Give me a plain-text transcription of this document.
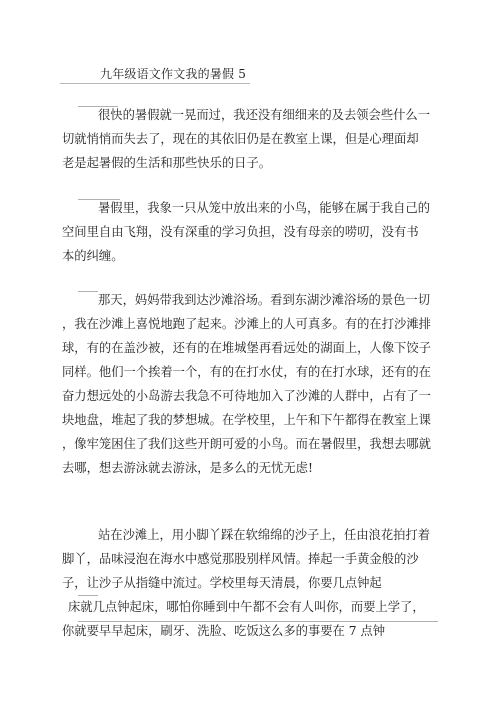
九年级语文作文我的暑假 5
很快的暑假就一晃而过，我还没有细细来的及去领会些什么一
切就悄悄而失去了，现在的其依旧仍是在教室上课，但是心理面却
老是起暑假的生活和那些快乐的日子。
暑假里，我象一只从笼中放出来的小鸟，能够在属于我自己的
空间里自由飞翔，没有深重的学习负担，没有母亲的唠叨，没有书
本的纠缠。
那天，妈妈带我到达沙滩浴场。看到东湖沙滩浴场的景色一切
，我在沙滩上喜悦地跑了起来。沙滩上的人可真多。有的在打沙滩排
球，有的在盖沙被，还有的在堆城堡再看远处的湖面上，人像下饺子
同样。他们一个挨着一个，有的在打水仗，有的在打水球，还有的在
奋力想远处的小岛游去我急不可待地加入了沙滩的人群中，占有了一
块地盘，堆起了我的梦想城。在学校里，上午和下午都得在教室上课
，像牢笼困住了我们这些开朗可爱的小鸟。而在暑假里，我想去哪就
去哪，想去游泳就去游泳，是多么的无忧无虑!
站在沙滩上，用小脚丫踩在软绵绵的沙子上，任由浪花拍打着
脚丫，品味浸泡在海水中感觉那股别样风情。捧起一手黄金般的沙
子，让沙子从指缝中流过。学校里每天清晨，你要几点钟起
床就几点钟起床，哪怕你睡到中午都不会有人叫你，而要上学了，
你就要早早起床，刷牙、洗脸、吃饭这么多的事要在 7 点钟
